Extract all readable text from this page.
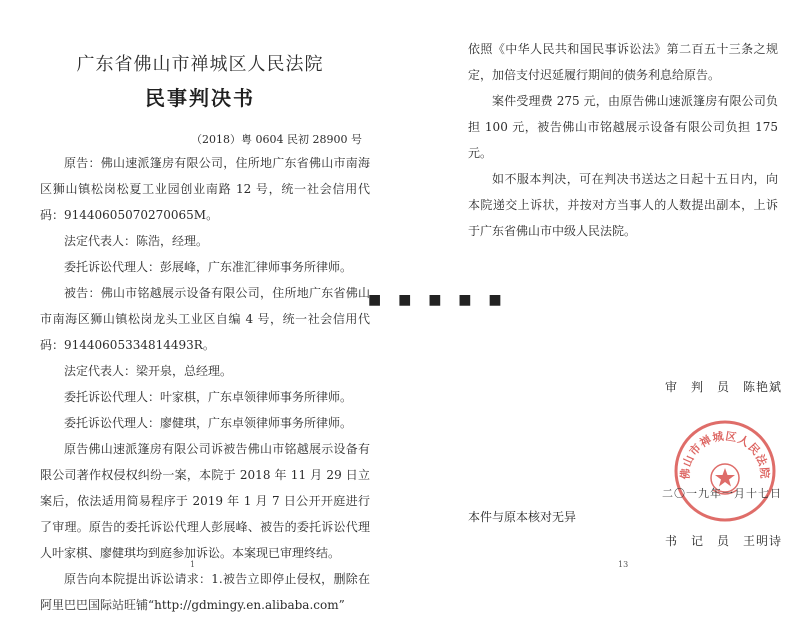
广东省佛山市禅城区人民法院
民事判决书
（2018）粤 0604 民初 28900 号

原告：佛山速派篷房有限公司，住所地广东省佛山市南海区狮山镇松岗松夏工业园创业南路 12 号，统一社会信用代码：91440605070270065M。

法定代表人：陈浩，经理。

委托诉讼代理人：彭展峰，广东准汇律师事务所律师。

被告：佛山市铭越展示设备有限公司，住所地广东省佛山市南海区狮山镇松岗龙头工业区自编 4 号，统一社会信用代码：91440605334814493R。

法定代表人：梁开泉，总经理。

委托诉讼代理人：叶家棋，广东卓领律师事务所律师。

委托诉讼代理人：廖健琪，广东卓领律师事务所律师。

原告佛山速派篷房有限公司诉被告佛山市铭越展示设备有限公司著作权侵权纠纷一案，本院于 2018 年 11 月 29 日立案后，依法适用简易程序于 2019 年 1 月 7 日公开开庭进行了审理。原告的委托诉讼代理人彭展峰、被告的委托诉讼代理人叶家棋、廖健琪均到庭参加诉讼。本案现已审理终结。

原告向本院提出诉讼请求：1.被告立即停止侵权，删除在阿里巴巴国际站旺铺“http://gdmingy.en.alibaba.com”

1
■ ■ ■ ■ ■

依照《中华人民共和国民事诉讼法》第二百五十三条之规定，加倍支付迟延履行期间的债务利息给原告。

案件受理费 275 元，由原告佛山速派篷房有限公司负担 100 元，被告佛山市铭越展示设备有限公司负担 175 元。

如不服本判决，可在判决书送达之日起十五日内，向本院递交上诉状，并按对方当事人的人数提出副本，上诉于广东省佛山市中级人民法院。

审　判　员　陈艳斌
佛山市禅城区人民法院
二〇一九年一月十七日
本件与原本核对无异
书　记　员　王明诗
13
